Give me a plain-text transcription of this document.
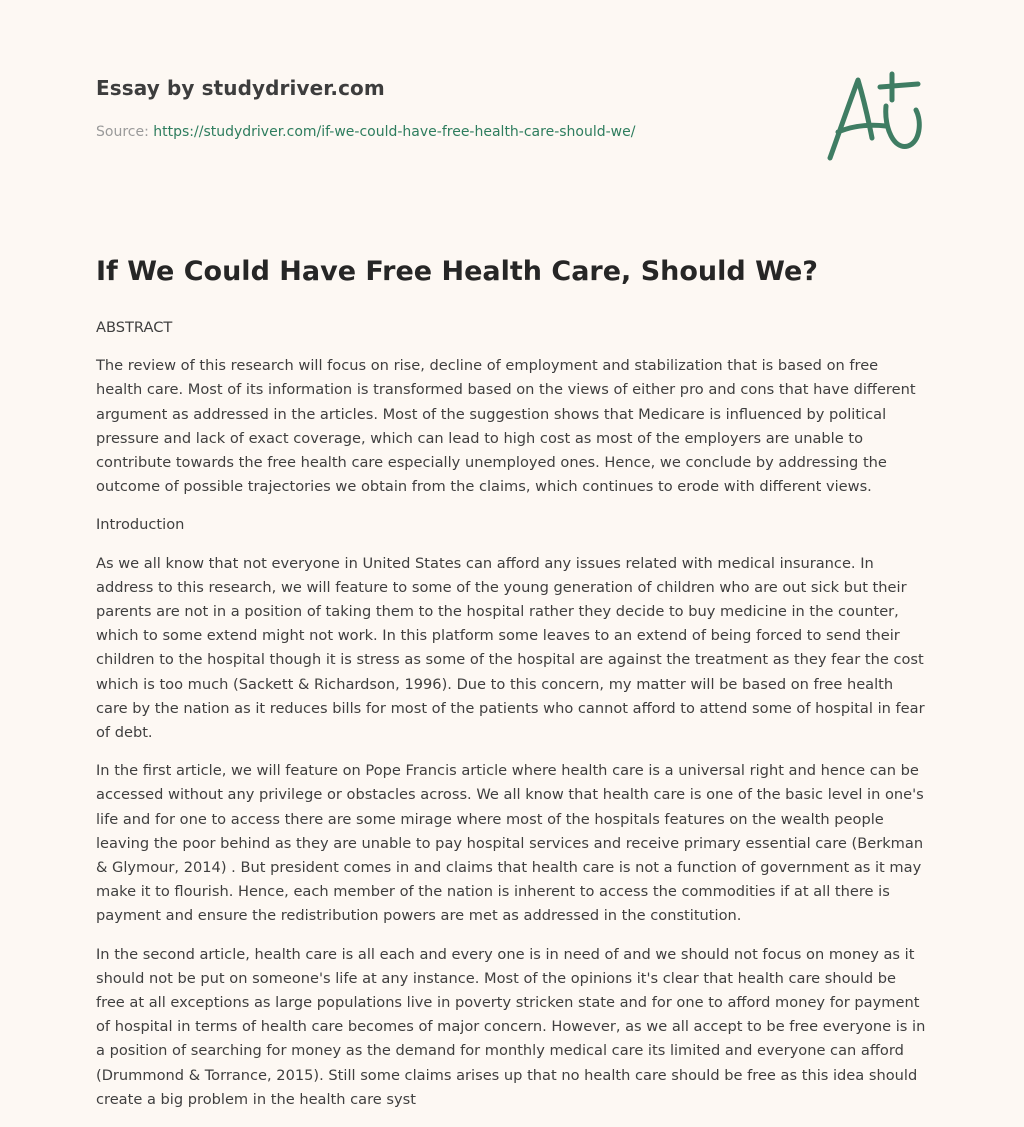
Essay by studydriver.com
Source: https://studydriver.com/if-we-could-have-free-health-care-should-we/
If We Could Have Free Health Care, Should We?

ABSTRACT

The review of this research will focus on rise, decline of employment and stabilization that is based on free health care. Most of its information is transformed based on the views of either pro and cons that have different argument as addressed in the articles. Most of the suggestion shows that Medicare is influenced by political pressure and lack of exact coverage, which can lead to high cost as most of the employers are unable to contribute towards the free health care especially unemployed ones. Hence, we conclude by addressing the outcome of possible trajectories we obtain from the claims, which continues to erode with different views.

Introduction

As we all know that not everyone in United States can afford any issues related with medical insurance. In address to this research, we will feature to some of the young generation of children who are out sick but their parents are not in a position of taking them to the hospital rather they decide to buy medicine in the counter, which to some extend might not work. In this platform some leaves to an extend of being forced to send their children to the hospital though it is stress as some of the hospital are against the treatment as they fear the cost which is too much (Sackett & Richardson, 1996). Due to this concern, my matter will be based on free health care by the nation as it reduces bills for most of the patients who cannot afford to attend some of hospital in fear of debt.

In the first article, we will feature on Pope Francis article where health care is a universal right and hence can be accessed without any privilege or obstacles across. We all know that health care is one of the basic level in one's life and for one to access there are some mirage where most of the hospitals features on the wealth people leaving the poor behind as they are unable to pay hospital services and receive primary essential care (Berkman & Glymour, 2014) . But president comes in and claims that health care is not a function of government as it may make it to flourish. Hence, each member of the nation is inherent to access the commodities if at all there is payment and ensure the redistribution powers are met as addressed in the constitution.

In the second article, health care is all each and every one is in need of and we should not focus on money as it should not be put on someone's life at any instance. Most of the opinions it's clear that health care should be free at all exceptions as large populations live in poverty stricken state and for one to afford money for payment of hospital in terms of health care becomes of major concern. However, as we all accept to be free everyone is in a position of searching for money as the demand for monthly medical care its limited and everyone can afford (Drummond & Torrance, 2015). Still some claims arises up that no health care should be free as this idea should create a big problem in the health care syst
